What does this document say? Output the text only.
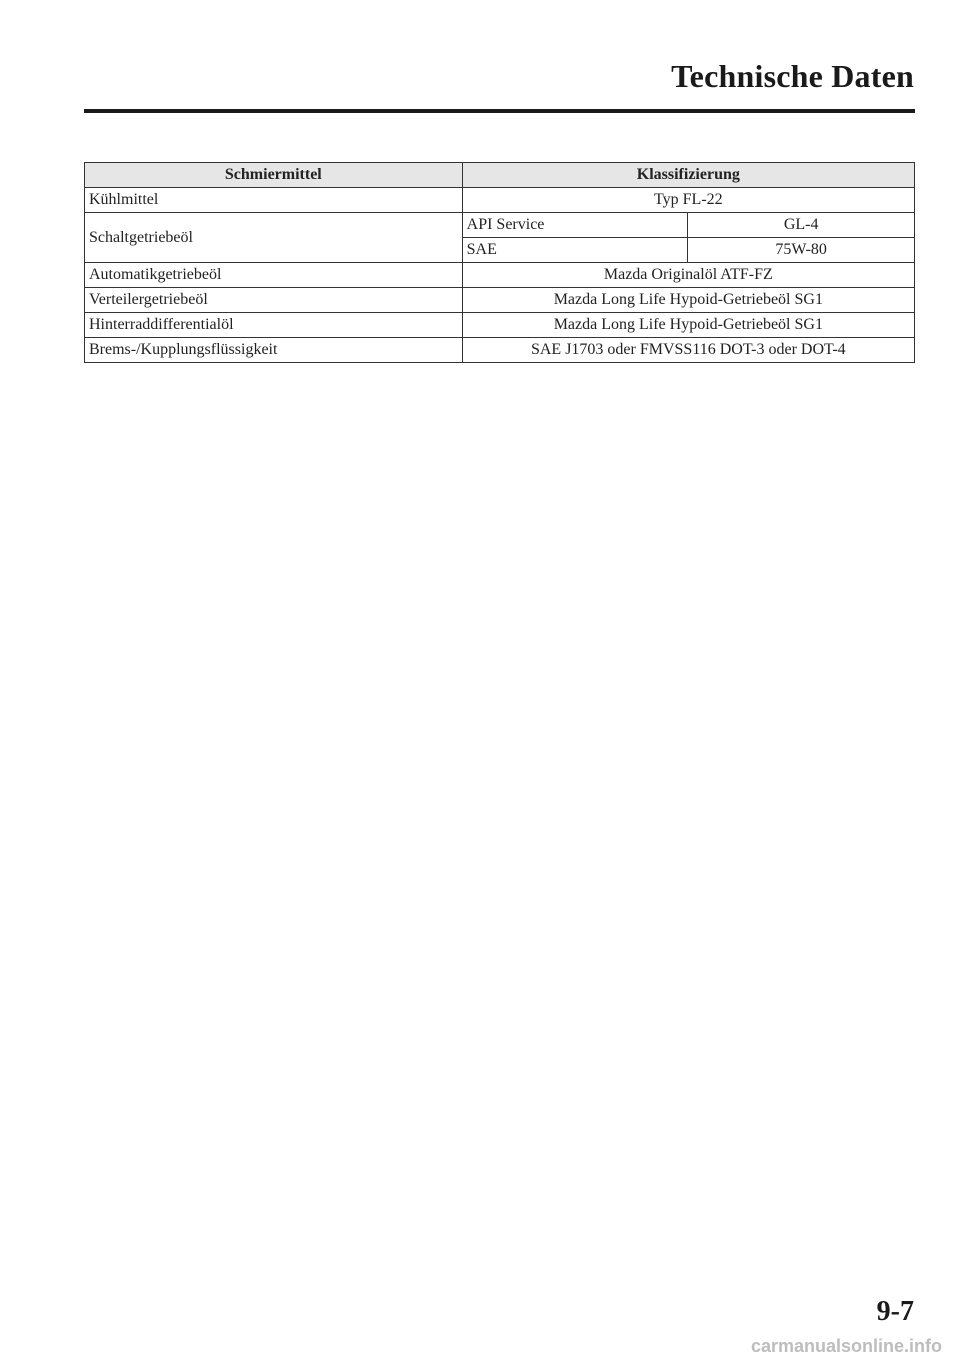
Technische Daten
Schmiermittel	Klassifizierung	
Kühlmittel	Typ FL-22	
Schaltgetriebeöl	API Service	GL-4
	SAE	75W-80
Automatikgetriebeöl	Mazda Originalöl ATF-FZ	
Verteilergetriebeöl	Mazda Long Life Hypoid-Getriebeöl SG1	
Hinterraddifferentialöl	Mazda Long Life Hypoid-Getriebeöl SG1	
Brems-/Kupplungsflüssigkeit	SAE J1703 oder FMVSS116 DOT-3 oder DOT-4	
9-7
carmanualsonline.info
